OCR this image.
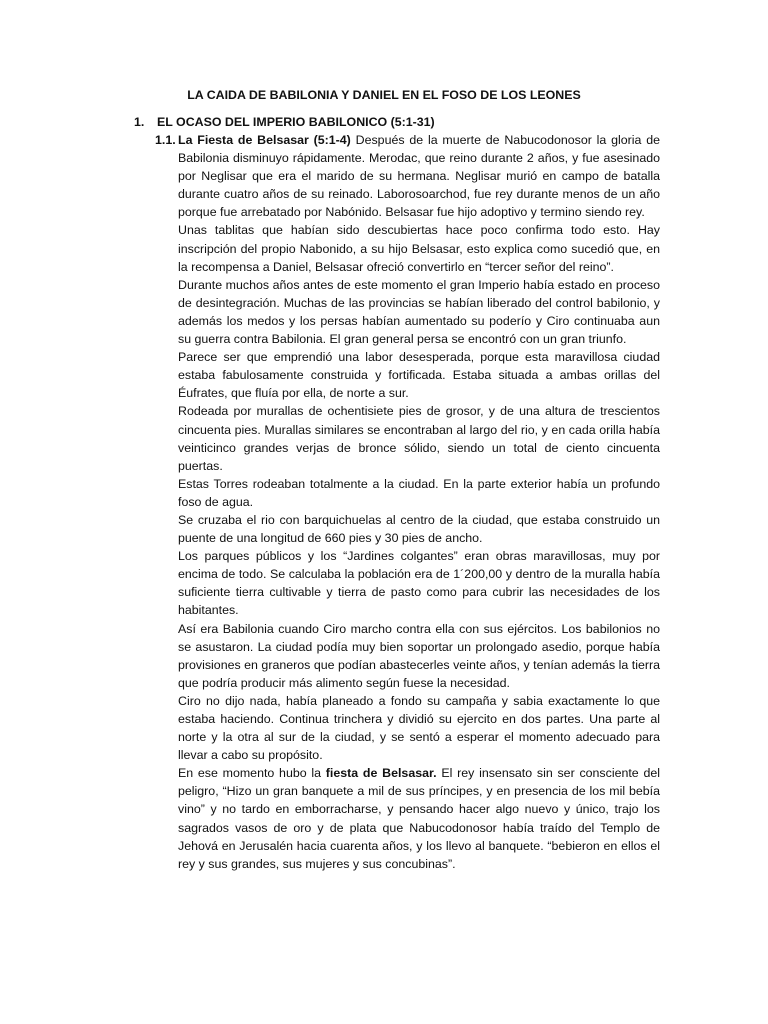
LA CAIDA DE BABILONIA Y DANIEL EN EL FOSO DE LOS LEONES
1. EL OCASO DEL IMPERIO BABILONICO (5:1-31)
1.1. La Fiesta de Belsasar (5:1-4) Después de la muerte de Nabucodonosor la gloria de Babilonia disminuyo rápidamente. Merodac, que reino durante 2 años, y fue asesinado por Neglisar que era el marido de su hermana. Neglisar murió en campo de batalla durante cuatro años de su reinado. Laborosoarchod, fue rey durante menos de un año porque fue arrebatado por Nabónido. Belsasar fue hijo adoptivo y termino siendo rey.

Unas tablitas que habían sido descubiertas hace poco confirma todo esto. Hay inscripción del propio Nabonido, a su hijo Belsasar, esto explica como sucedió que, en la recompensa a Daniel, Belsasar ofreció convertirlo en “tercer señor del reino”.

Durante muchos años antes de este momento el gran Imperio había estado en proceso de desintegración. Muchas de las provincias se habían liberado del control babilonio, y además los medos y los persas habían aumentado su poderío y Ciro continuaba aun su guerra contra Babilonia. El gran general persa se encontró con un gran triunfo.

Parece ser que emprendió una labor desesperada, porque esta maravillosa ciudad estaba fabulosamente construida y fortificada. Estaba situada a ambas orillas del Éufrates, que fluía por ella, de norte a sur.

Rodeada por murallas de ochentisiete pies de grosor, y de una altura de trescientos cincuenta pies. Murallas similares se encontraban al largo del rio, y en cada orilla había veinticinco grandes verjas de bronce sólido, siendo un total de ciento cincuenta puertas.

Estas Torres rodeaban totalmente a la ciudad. En la parte exterior había un profundo foso de agua.

Se cruzaba el rio con barquichuelas al centro de la ciudad, que estaba construido un puente de una longitud de 660 pies y 30 pies de ancho.

Los parques públicos y los “Jardines colgantes” eran obras maravillosas, muy por encima de todo. Se calculaba la población era de 1´200,00 y dentro de la muralla había suficiente tierra cultivable y tierra de pasto como para cubrir las necesidades de los habitantes.

Así era Babilonia cuando Ciro marcho contra ella con sus ejércitos. Los babilonios no se asustaron. La ciudad podía muy bien soportar un prolongado asedio, porque había provisiones en graneros que podían abastecerles veinte años, y tenían además la tierra que podría producir más alimento según fuese la necesidad.

Ciro no dijo nada, había planeado a fondo su campaña y sabia exactamente lo que estaba haciendo. Continua trinchera y dividió su ejercito en dos partes. Una parte al norte y la otra al sur de la ciudad, y se sentó a esperar el momento adecuado para llevar a cabo su propósito.

En ese momento hubo la fiesta de Belsasar. El rey insensato sin ser consciente del peligro, “Hizo un gran banquete a mil de sus príncipes, y en presencia de los mil bebía vino” y no tardo en emborracharse, y pensando hacer algo nuevo y único, trajo los sagrados vasos de oro y de plata que Nabucodonosor había traído del Templo de Jehová en Jerusalén hacia cuarenta años, y los llevo al banquete. “bebieron en ellos el rey y sus grandes, sus mujeres y sus concubinas”.
